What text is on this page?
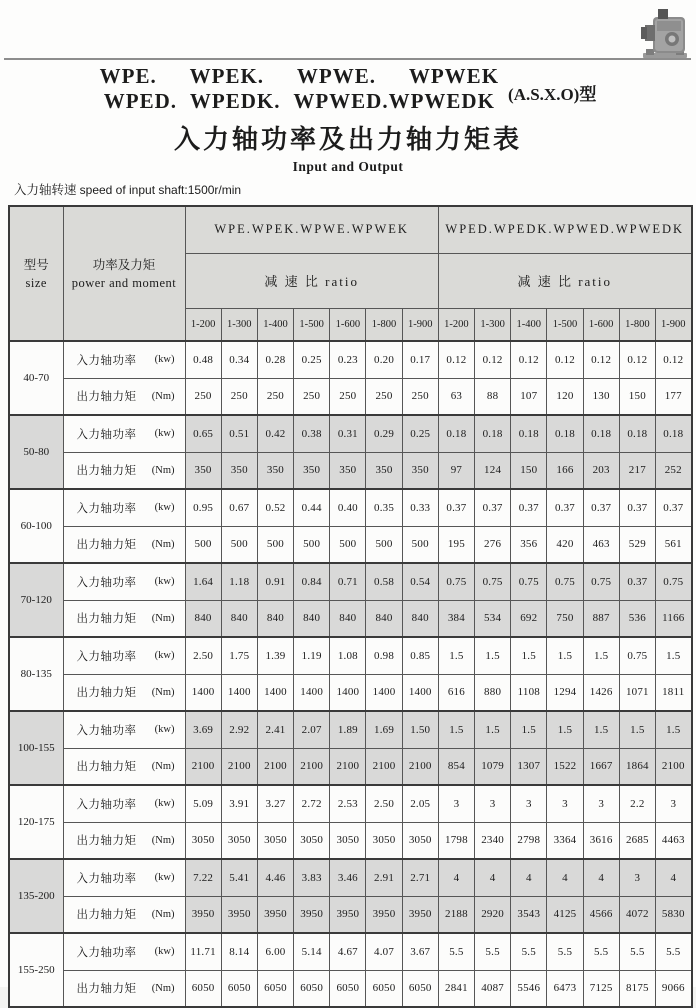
WPE. WPEK. WPWE. WPWEK
WPED. WPEDK. WPWED.WPWEDK (A.S.X.O)型
入力轴功率及出力轴力矩表
Input and Output
入力轴转速 speed of input shaft:1500r/min
型号
size

功率及力矩
power and moment
	WPE.WPEK.WPWE.WPWEK	WPED.WPEDK.WPWED.WPWEDK
		减 速 比 ratio							减 速 比 ratio						
		1-200	1-300	1-400	1-500	1-600	1-800	1-900	1-200	1-300	1-400	1-500	1-600	1-800	1-900
40-70	入力轴功率 (kw)	0.48	0.34	0.28	0.25	0.23	0.20	0.17	0.12	0.12	0.12	0.12	0.12	0.12	0.12

	出力轴力矩 (Nm)	250	250	250	250	250	250	250	63	88	107	120	130	150	177
50-80	入力轴功率 (kw)	0.65	0.51	0.42	0.38	0.31	0.29	0.25	0.18	0.18	0.18	0.18	0.18	0.18	0.18

	出力轴力矩 (Nm)	350	350	350	350	350	350	350	97	124	150	166	203	217	252
60-100	入力轴功率 (kw)	0.95	0.67	0.52	0.44	0.40	0.35	0.33	0.37	0.37	0.37	0.37	0.37	0.37	0.37

	出力轴力矩 (Nm)	500	500	500	500	500	500	500	195	276	356	420	463	529	561
70-120	入力轴功率 (kw)	1.64	1.18	0.91	0.84	0.71	0.58	0.54	0.75	0.75	0.75	0.75	0.75	0.37	0.75

	出力轴力矩 (Nm)	840	840	840	840	840	840	840	384	534	692	750	887	536	1166
80-135	入力轴功率 (kw)	2.50	1.75	1.39	1.19	1.08	0.98	0.85	1.5	1.5	1.5	1.5	1.5	0.75	1.5

	出力轴力矩 (Nm)	1400	1400	1400	1400	1400	1400	1400	616	880	1108	1294	1426	1071	1811
100-155	入力轴功率 (kw)	3.69	2.92	2.41	2.07	1.89	1.69	1.50	1.5	1.5	1.5	1.5	1.5	1.5	1.5

	出力轴力矩 (Nm)	2100	2100	2100	2100	2100	2100	2100	854	1079	1307	1522	1667	1864	2100
120-175	入力轴功率 (kw)	5.09	3.91	3.27	2.72	2.53	2.50	2.05	3	3	3	3	3	2.2	3

	出力轴力矩 (Nm)	3050	3050	3050	3050	3050	3050	3050	1798	2340	2798	3364	3616	2685	4463
135-200	入力轴功率 (kw)	7.22	5.41	4.46	3.83	3.46	2.91	2.71	4	4	4	4	4	3	4

	出力轴力矩 (Nm)	3950	3950	3950	3950	3950	3950	3950	2188	2920	3543	4125	4566	4072	5830
155-250	入力轴功率 (kw)	11.71	8.14	6.00	5.14	4.67	4.07	3.67	5.5	5.5	5.5	5.5	5.5	5.5	5.5

	出力轴力矩 (Nm)	6050	6050	6050	6050	6050	6050	6050	2841	4087	5546	6473	7125	8175	9066
